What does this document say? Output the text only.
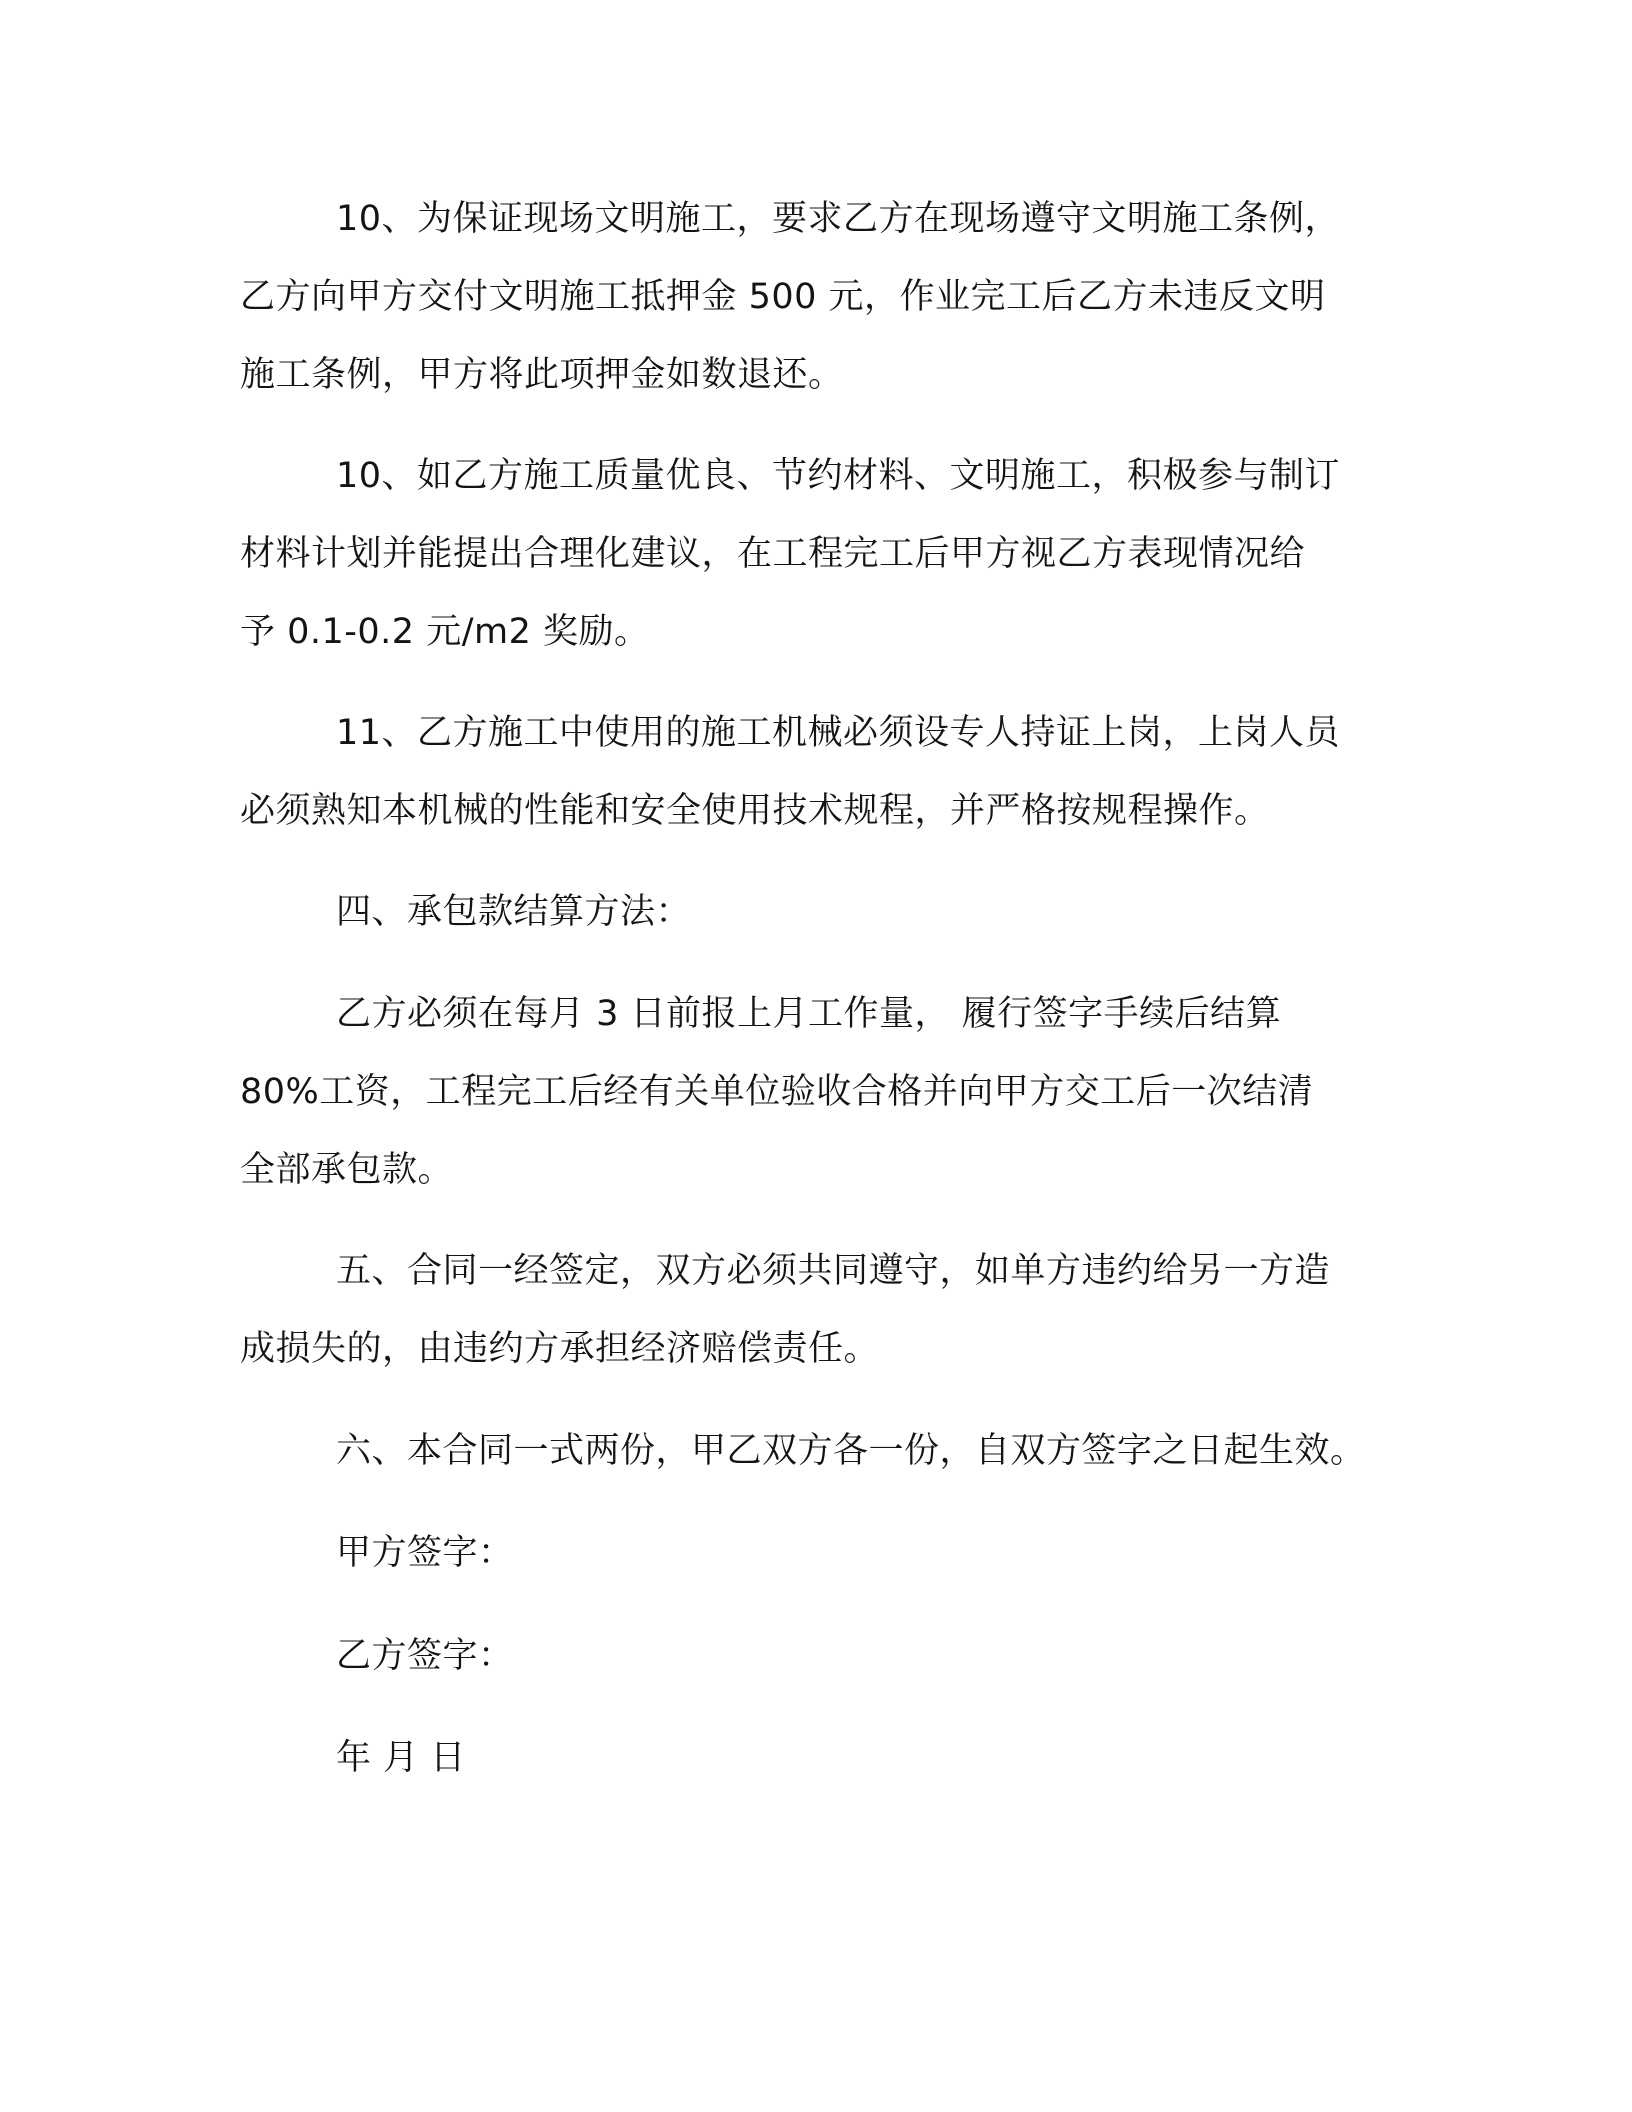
10、为保证现场文明施工，要求乙方在现场遵守文明施工条例，
乙方向甲方交付文明施工抵押金 500 元，作业完工后乙方未违反文明
施工条例，甲方将此项押金如数退还。

10、如乙方施工质量优良、节约材料、文明施工，积极参与制订
材料计划并能提出合理化建议，在工程完工后甲方视乙方表现情况给
予 0.1-0.2 元/m2 奖励。

11、乙方施工中使用的施工机械必须设专人持证上岗，上岗人员
必须熟知本机械的性能和安全使用技术规程，并严格按规程操作。

四、承包款结算方法：

乙方必须在每月 3 日前报上月工作量， 履行签字手续后结算
80%工资，工程完工后经有关单位验收合格并向甲方交工后一次结清
全部承包款。

五、合同一经签定，双方必须共同遵守，如单方违约给另一方造
成损失的，由违约方承担经济赔偿责任。

六、本合同一式两份，甲乙双方各一份，自双方签字之日起生效。

甲方签字：

乙方签字：

年 月 日
